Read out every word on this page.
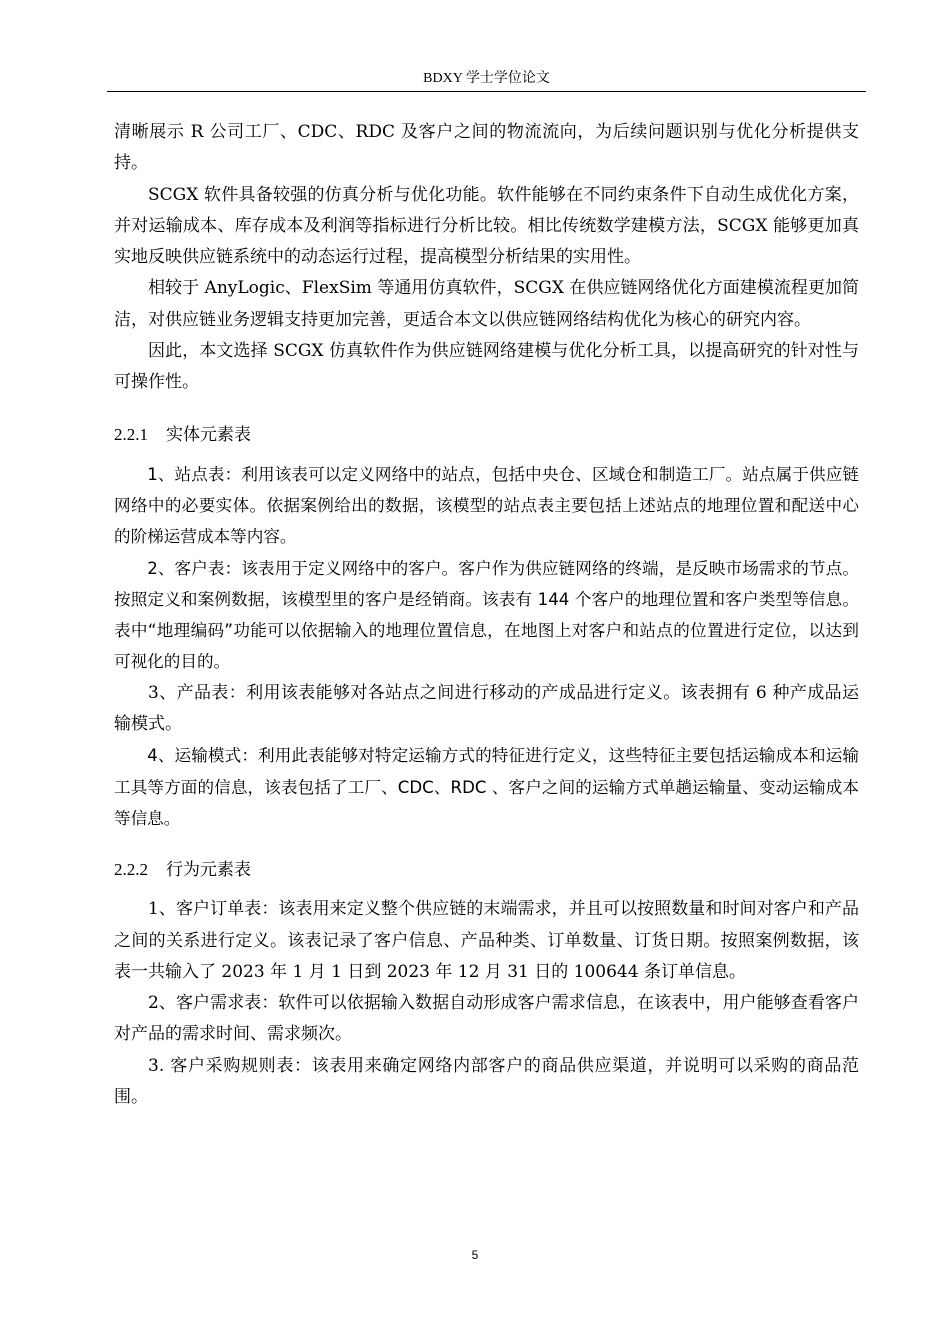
BDXY 学士学位论文

清晰展示 R 公司工厂、CDC、RDC 及客户之间的物流流向，为后续问题识别与优化分析提供支持。

SCGX 软件具备较强的仿真分析与优化功能。软件能够在不同约束条件下自动生成优化方案，并对运输成本、库存成本及利润等指标进行分析比较。相比传统数学建模方法，SCGX 能够更加真实地反映供应链系统中的动态运行过程，提高模型分析结果的实用性。

相较于 AnyLogic、FlexSim 等通用仿真软件，SCGX 在供应链网络优化方面建模流程更加简洁，对供应链业务逻辑支持更加完善，更适合本文以供应链网络结构优化为核心的研究内容。

因此，本文选择 SCGX 仿真软件作为供应链网络建模与优化分析工具，以提高研究的针对性与可操作性。

2.2.1 实体元素表

1、站点表：利用该表可以定义网络中的站点，包括中央仓、区域仓和制造工厂。站点属于供应链网络中的必要实体。依据案例给出的数据，该模型的站点表主要包括上述站点的地理位置和配送中心的阶梯运营成本等内容。

2、客户表：该表用于定义网络中的客户。客户作为供应链网络的终端，是反映市场需求的节点。按照定义和案例数据，该模型里的客户是经销商。该表有 144 个客户的地理位置和客户类型等信息。表中“地理编码”功能可以依据输入的地理位置信息，在地图上对客户和站点的位置进行定位，以达到可视化的目的。

3、产品表：利用该表能够对各站点之间进行移动的产成品进行定义。该表拥有 6 种产成品运输模式。

4、运输模式：利用此表能够对特定运输方式的特征进行定义，这些特征主要包括运输成本和运输工具等方面的信息，该表包括了工厂、CDC、RDC 、客户之间的运输方式单趟运输量、变动运输成本等信息。

2.2.2 行为元素表

1、客户订单表：该表用来定义整个供应链的末端需求，并且可以按照数量和时间对客户和产品之间的关系进行定义。该表记录了客户信息、产品种类、订单数量、订货日期。按照案例数据，该表一共输入了 2023 年 1 月 1 日到 2023 年 12 月 31 日的 100644 条订单信息。

2、客户需求表：软件可以依据输入数据自动形成客户需求信息，在该表中，用户能够查看客户对产品的需求时间、需求频次。

3. 客户采购规则表：该表用来确定网络内部客户的商品供应渠道，并说明可以采购的商品范围。

5
